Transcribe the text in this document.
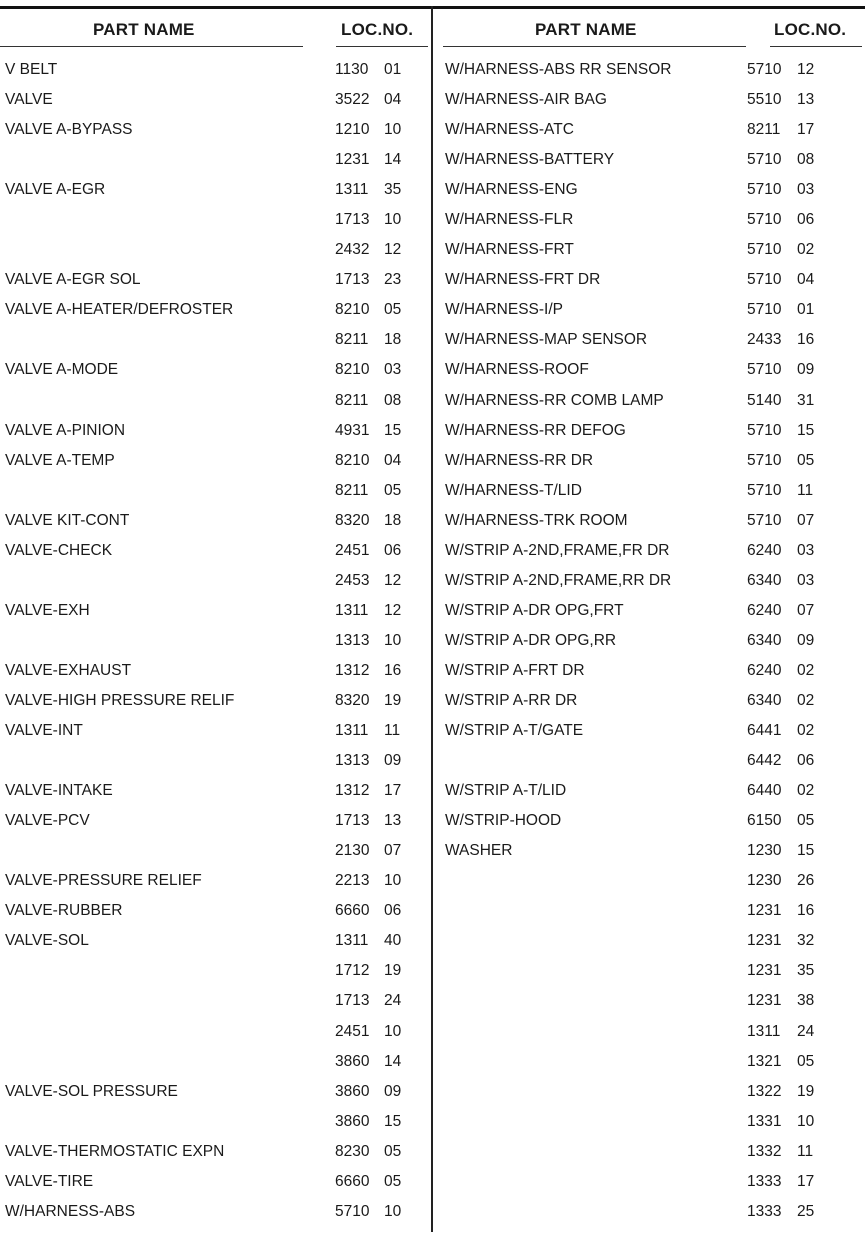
PART NAME	LOC.NO.
V BELT	1130 01
VALVE	3522 04
VALVE A-BYPASS	1210 10
1231 14
VALVE A-EGR	1311 35
1713 10
2432 12
VALVE A-EGR SOL	1713 23
VALVE A-HEATER/DEFROSTER	8210 05
8211 18
VALVE A-MODE	8210 03
8211 08
VALVE A-PINION	4931 15
VALVE A-TEMP	8210 04
8211 05
VALVE KIT-CONT	8320 18
VALVE-CHECK	2451 06
2453 12
VALVE-EXH	1311 12
1313 10
VALVE-EXHAUST	1312 16
VALVE-HIGH PRESSURE RELIF	8320 19
VALVE-INT	1311 11
1313 09
VALVE-INTAKE	1312 17
VALVE-PCV	1713 13
2130 07
VALVE-PRESSURE RELIEF	2213 10
VALVE-RUBBER	6660 06
VALVE-SOL	1311 40
1712 19
1713 24
2451 10
3860 14
VALVE-SOL PRESSURE	3860 09
3860 15
VALVE-THERMOSTATIC EXPN	8230 05
VALVE-TIRE	6660 05
W/HARNESS-ABS	5710 10
PART NAME	LOC.NO.
W/HARNESS-ABS RR SENSOR	5710 12
W/HARNESS-AIR BAG	5510 13
W/HARNESS-ATC	8211 17
W/HARNESS-BATTERY	5710 08
W/HARNESS-ENG	5710 03
W/HARNESS-FLR	5710 06
W/HARNESS-FRT	5710 02
W/HARNESS-FRT DR	5710 04
W/HARNESS-I/P	5710 01
W/HARNESS-MAP SENSOR	2433 16
W/HARNESS-ROOF	5710 09
W/HARNESS-RR COMB LAMP	5140 31
W/HARNESS-RR DEFOG	5710 15
W/HARNESS-RR DR	5710 05
W/HARNESS-T/LID	5710 11
W/HARNESS-TRK ROOM	5710 07
W/STRIP A-2ND,FRAME,FR DR	6240 03
W/STRIP A-2ND,FRAME,RR DR	6340 03
W/STRIP A-DR OPG,FRT	6240 07
W/STRIP A-DR OPG,RR	6340 09
W/STRIP A-FRT DR	6240 02
W/STRIP A-RR DR	6340 02
W/STRIP A-T/GATE	6441 02
6442 06
W/STRIP A-T/LID	6440 02
W/STRIP-HOOD	6150 05
WASHER	1230 15
1230 26
1231 16
1231 32
1231 35
1231 38
1311 24
1321 05
1322 19
1331 10
1332 11
1333 17
1333 25
